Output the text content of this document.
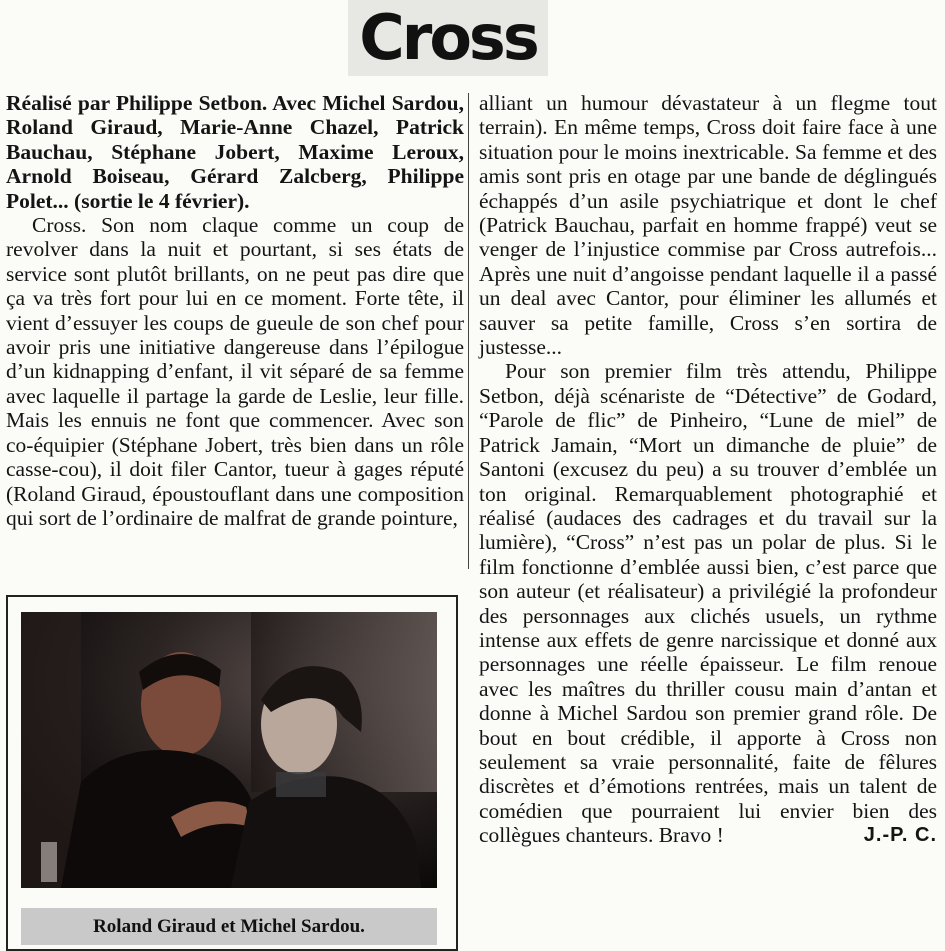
Cross

Réalisé par Philippe Setbon. Avec Michel Sardou, Roland Giraud, Marie-Anne Chazel, Patrick Bauchau, Stéphane Jobert, Maxime Leroux, Arnold Boiseau, Gérard Zalcberg, Philippe Polet... (sortie le 4 février).

Cross. Son nom claque comme un coup de revolver dans la nuit et pourtant, si ses états de service sont plutôt brillants, on ne peut pas dire que ça va très fort pour lui en ce moment. Forte tête, il vient d’essuyer les coups de gueule de son chef pour avoir pris une initiative dangereuse dans l’épilogue d’un kidnapping d’enfant, il vit séparé de sa femme avec laquelle il partage la garde de Leslie, leur fille. Mais les ennuis ne font que commencer. Avec son co-équipier (Stéphane Jobert, très bien dans un rôle casse-cou), il doit filer Cantor, tueur à gages réputé (Roland Giraud, époustouflant dans une composition qui sort de l’ordinaire de malfrat de grande pointure,

alliant un humour dévastateur à un flegme tout terrain). En même temps, Cross doit faire face à une situation pour le moins inextricable. Sa femme et des amis sont pris en otage par une bande de déglingués échappés d’un asile psychiatrique et dont le chef (Patrick Bauchau, parfait en homme frappé) veut se venger de l’injustice commise par Cross autrefois... Après une nuit d’angoisse pendant laquelle il a passé un deal avec Cantor, pour éliminer les allumés et sauver sa petite famille, Cross s’en sortira de justesse...

Pour son premier film très attendu, Philippe Setbon, déjà scénariste de “Détective” de Godard, “Parole de flic” de Pinheiro, “Lune de miel” de Patrick Jamain, “Mort un dimanche de pluie” de Santoni (excusez du peu) a su trouver d’emblée un ton original. Remarquablement photographié et réalisé (audaces des cadrages et du travail sur la lumière), “Cross” n’est pas un polar de plus. Si le film fonctionne d’emblée aussi bien, c’est parce que son auteur (et réalisateur) a privilégié la profondeur des personnages aux clichés usuels, un rythme intense aux effets de genre narcissique et donné aux personnages une réelle épaisseur. Le film renoue avec les maîtres du thriller cousu main d’antan et donne à Michel Sardou son premier grand rôle. De bout en bout crédible, il apporte à Cross non seulement sa vraie personnalité, faite de fêlures discrètes et d’émotions rentrées, mais un talent de comédien que pourraient lui envier bien des collègues chanteurs. Bravo !	J.-P. C.

Roland Giraud et Michel Sardou.
